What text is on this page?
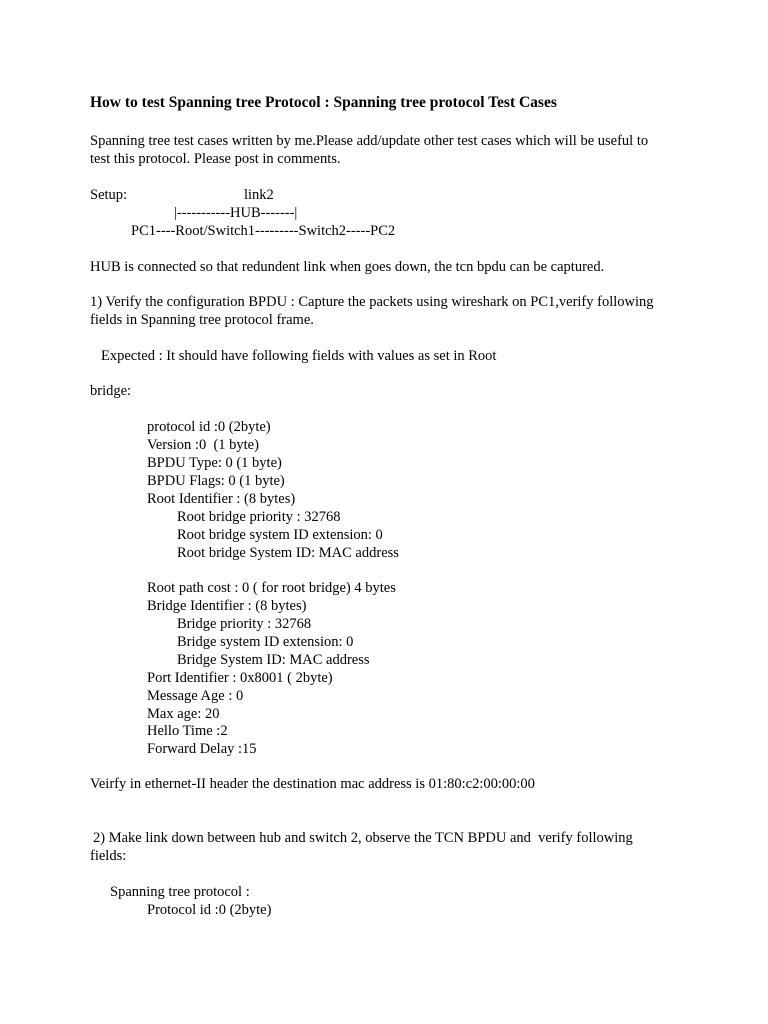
How to test Spanning tree Protocol : Spanning tree protocol Test Cases
Spanning tree test cases written by me.Please add/update other test cases which will be useful to
test this protocol. Please post in comments.
Setup:	link2
|-----------HUB-------|
PC1----Root/Switch1---------Switch2-----PC2
HUB is connected so that redundent link when goes down, the tcn bpdu can be captured.
1) Verify the configuration BPDU : Capture the packets using wireshark on PC1,verify following
fields in Spanning tree protocol frame.
Expected : It should have following fields with values as set in Root
bridge:
protocol id :0 (2byte)
Version :0  (1 byte)
BPDU Type: 0 (1 byte)
BPDU Flags: 0 (1 byte)
Root Identifier : (8 bytes)
Root bridge priority : 32768
Root bridge system ID extension: 0
Root bridge System ID: MAC address
Root path cost : 0 ( for root bridge) 4 bytes
Bridge Identifier : (8 bytes)
Bridge priority : 32768
Bridge system ID extension: 0
Bridge System ID: MAC address
Port Identifier : 0x8001 ( 2byte)
Message Age : 0
Max age: 20
Hello Time :2
Forward Delay :15
Veirfy in ethernet-II header the destination mac address is 01:80:c2:00:00:00
2) Make link down between hub and switch 2, observe the TCN BPDU and  verify following
fields:
Spanning tree protocol :
Protocol id :0 (2byte)
